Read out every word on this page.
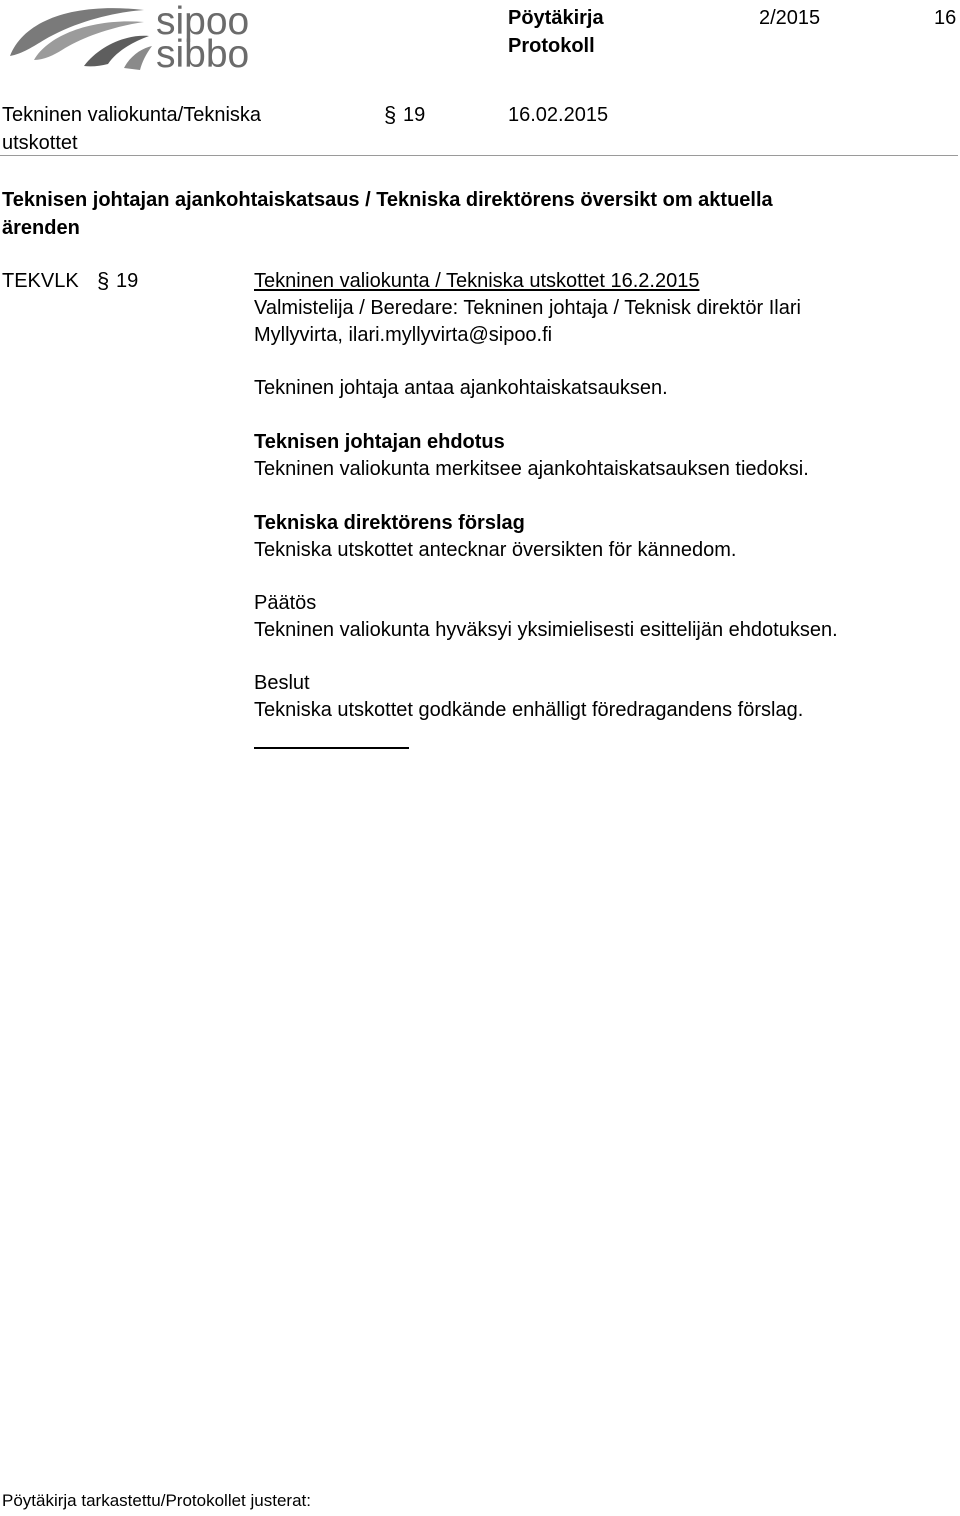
sipoo
sibbo
Pöytäkirja
Protokoll
2/2015	16
Tekninen valiokunta/Tekniska
utskottet
§ 19	16.02.2015
Teknisen johtajan ajankohtaiskatsaus / Tekniska direktörens översikt om aktuella
ärenden
TEKVLK § 19	Tekninen valiokunta / Tekniska utskottet 16.2.2015
Valmistelija / Beredare: Tekninen johtaja / Teknisk direktör Ilari
Myllyvirta, ilari.myllyvirta@sipoo.fi
Tekninen johtaja antaa ajankohtaiskatsauksen.
Teknisen johtajan ehdotus
Tekninen valiokunta merkitsee ajankohtaiskatsauksen tiedoksi.
Tekniska direktörens förslag
Tekniska utskottet antecknar översikten för kännedom.
Päätös
Tekninen valiokunta hyväksyi yksimielisesti esittelijän ehdotuksen.
Beslut
Tekniska utskottet godkände enhälligt föredragandens förslag.
Pöytäkirja tarkastettu/Protokollet justerat:
